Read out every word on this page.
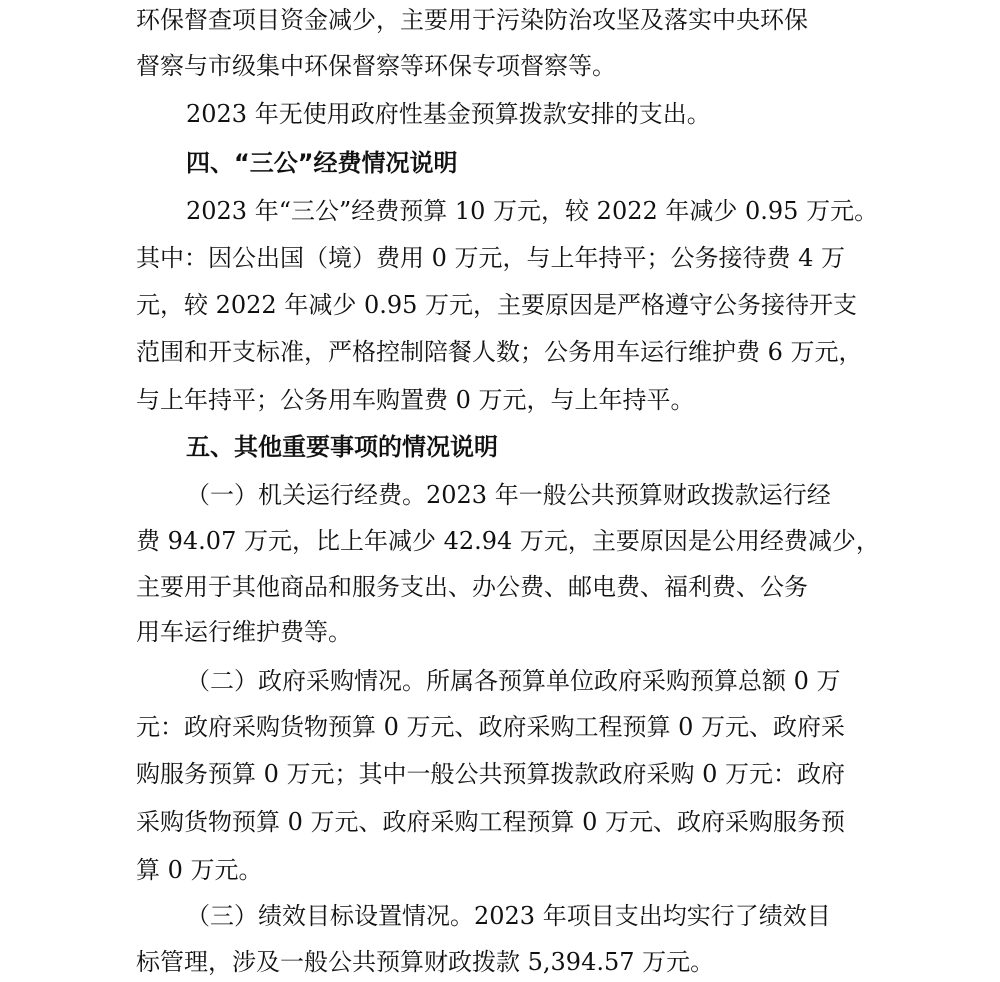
环保督查项目资金减少，主要用于污染防治攻坚及落实中央环保
督察与市级集中环保督察等环保专项督察等。
2023 年无使用政府性基金预算拨款安排的支出。
四、“三公”经费情况说明
2023 年“三公”经费预算 10 万元，较 2022 年减少 0.95 万元。
其中：因公出国（境）费用 0 万元，与上年持平；公务接待费 4 万
元，较 2022 年减少 0.95 万元，主要原因是严格遵守公务接待开支
范围和开支标准，严格控制陪餐人数；公务用车运行维护费 6 万元，
与上年持平；公务用车购置费 0 万元，与上年持平。
五、其他重要事项的情况说明
（一）机关运行经费。2023 年一般公共预算财政拨款运行经
费 94.07 万元，比上年减少 42.94 万元，主要原因是公用经费减少，
主要用于其他商品和服务支出、办公费、邮电费、福利费、公务
用车运行维护费等。
（二）政府采购情况。所属各预算单位政府采购预算总额 0 万
元：政府采购货物预算 0 万元、政府采购工程预算 0 万元、政府采
购服务预算 0 万元；其中一般公共预算拨款政府采购 0 万元：政府
采购货物预算 0 万元、政府采购工程预算 0 万元、政府采购服务预
算 0 万元。
（三）绩效目标设置情况。2023 年项目支出均实行了绩效目
标管理，涉及一般公共预算财政拨款 5,394.57 万元。
